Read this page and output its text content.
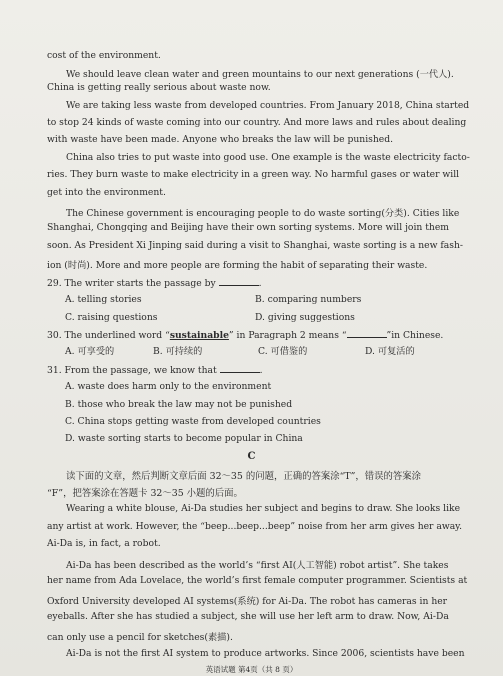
cost of the environment.
We should leave clean water and green mountains to our next generations (一代人).
China is getting really serious about waste now.
We are taking less waste from developed countries. From January 2018, China started
to stop 24 kinds of waste coming into our country. And more laws and rules about dealing
with waste have been made. Anyone who breaks the law will be punished.
China also tries to put waste into good use. One example is the waste electricity facto-
ries. They burn waste to make electricity in a green way. No harmful gases or water will
get into the environment.
The Chinese government is encouraging people to do waste sorting(分类). Cities like
Shanghai, Chongqing and Beijing have their own sorting systems. More will join them
soon. As President Xi Jinping said during a visit to Shanghai, waste sorting is a new fash-
ion (时尚). More and more people are forming the habit of separating their waste.
29. The writer starts the passage by	.
A. telling stories	B. comparing numbers
C. raising questions	D. giving suggestions
30. The underlined word “sustainable” in Paragraph 2 means “	”in Chinese.
A. 可享受的	B. 可持续的	C. 可借鉴的	D. 可复活的
31. From the passage, we know that	.
A. waste does harm only to the environment
B. those who break the law may not be punished
C. China stops getting waste from developed countries
D. waste sorting starts to become popular in China
C
读下面的文章，然后判断文章后面 32～35 的问题，正确的答案涂“T”，错误的答案涂
“F”，把答案涂在答题卡 32～35 小题的后面。
Wearing a white blouse, Ai-Da studies her subject and begins to draw. She looks like
any artist at work. However, the “beep...beep...beep” noise from her arm gives her away.
Ai-Da is, in fact, a robot.
Ai-Da has been described as the world’s “first AI(人工智能) robot artist”. She takes
her name from Ada Lovelace, the world’s first female computer programmer. Scientists at
Oxford University developed AI systems(系统) for Ai-Da. The robot has cameras in her
eyeballs. After she has studied a subject, she will use her left arm to draw. Now, Ai-Da
can only use a pencil for sketches(素描).
Ai-Da is not the first AI system to produce artworks. Since 2006, scientists have been
英语试题 第4页（共 8 页）
